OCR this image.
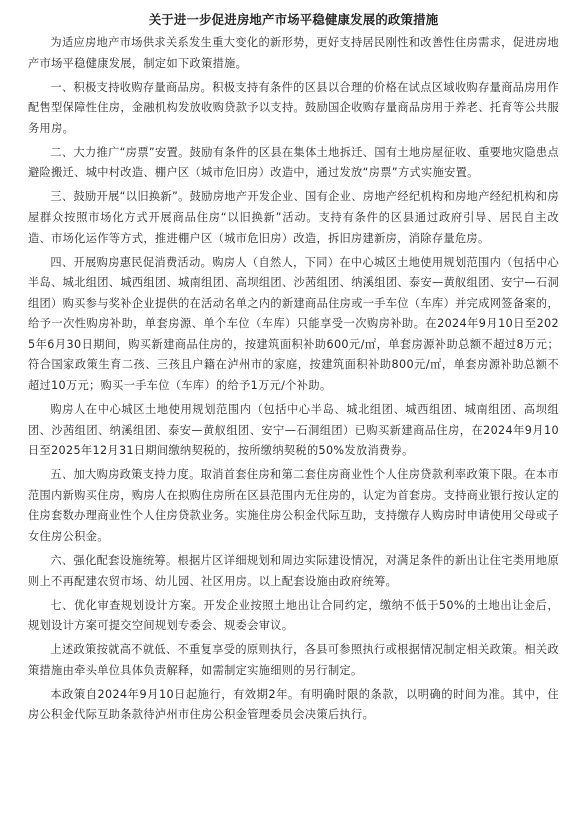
关于进一步促进房地产市场平稳健康发展的政策措施

为适应房地产市场供求关系发生重大变化的新形势，更好支持居民刚性和改善性住房需求，促进房地产市场平稳健康发展，制定如下政策措施。

一、积极支持收购存量商品房。积极支持有条件的区县以合理的价格在试点区域收购存量商品房用作配售型保障性住房，金融机构发放收购贷款予以支持。鼓励国企收购存量商品房用于养老、托育等公共服务用房。

二、大力推广“房票”安置。鼓励有条件的区县在集体土地拆迁、国有土地房屋征收、重要地灾隐患点避险搬迁、城中村改造、棚户区（城市危旧房）改造中，通过发放“房票”方式实施安置。

三、鼓励开展“以旧换新”。鼓励房地产开发企业、国有企业、房地产经纪机构和房地产经纪机构和房屋群众按照市场化方式开展商品住房“以旧换新”活动。支持有条件的区县通过政府引导、居民自主改造、市场化运作等方式，推进棚户区（城市危旧房）改造，拆旧房建新房，消除存量危房。

四、开展购房惠民促消费活动。购房人（自然人，下同）在中心城区土地使用规划范围内（包括中心半岛、城北组团、城西组团、城南组团、高坝组团、沙茜组团、纳溪组团、泰安—黄舣组团、安宁—石洞组团）购买参与奖补企业提供的在活动名单之内的新建商品住房或一手车位（车库）并完成网签备案的，给予一次性购房补助，单套房源、单个车位（车库）只能享受一次购房补助。在2024年9月10日至2025年6月30日期间，购买新建商品住房的，按建筑面积补助600元/㎡，单套房源补助总额不超过8万元；符合国家政策生育二孩、三孩且户籍在泸州市的家庭，按建筑面积补助800元/㎡，单套房源补助总额不超过10万元；购买一手车位（车库）的给予1万元/个补助。

购房人在中心城区土地使用规划范围内（包括中心半岛、城北组团、城西组团、城南组团、高坝组团、沙茜组团、纳溪组团、泰安—黄舣组团、安宁—石洞组团）已购买新建商品住房，在2024年9月10日至2025年12月31日期间缴纳契税的，按所缴纳契税的50%发放消费券。

五、加大购房政策支持力度。取消首套住房和第二套住房商业性个人住房贷款利率政策下限。在本市范围内新购买住房，购房人在拟购住房所在区县范围内无住房的，认定为首套房。支持商业银行按认定的住房套数办理商业性个人住房贷款业务。实施住房公积金代际互助，支持缴存人购房时申请使用父母或子女住房公积金。

六、强化配套设施统筹。根据片区详细规划和周边实际建设情况，对满足条件的新出让住宅类用地原则上不再配建农贸市场、幼儿园、社区用房。以上配套设施由政府统筹。

七、优化审查规划设计方案。开发企业按照土地出让合同约定，缴纳不低于50%的土地出让金后，规划设计方案可提交空间规划专委会、规委会审议。

上述政策按就高不就低、不重复享受的原则执行，各县可参照执行或根据情况制定相关政策。相关政策措施由牵头单位具体负责解释，如需制定实施细则的另行制定。

本政策自2024年9月10日起施行，有效期2年。有明确时限的条款，以明确的时间为准。其中，住房公积金代际互助条款待泸州市住房公积金管理委员会决策后执行。
